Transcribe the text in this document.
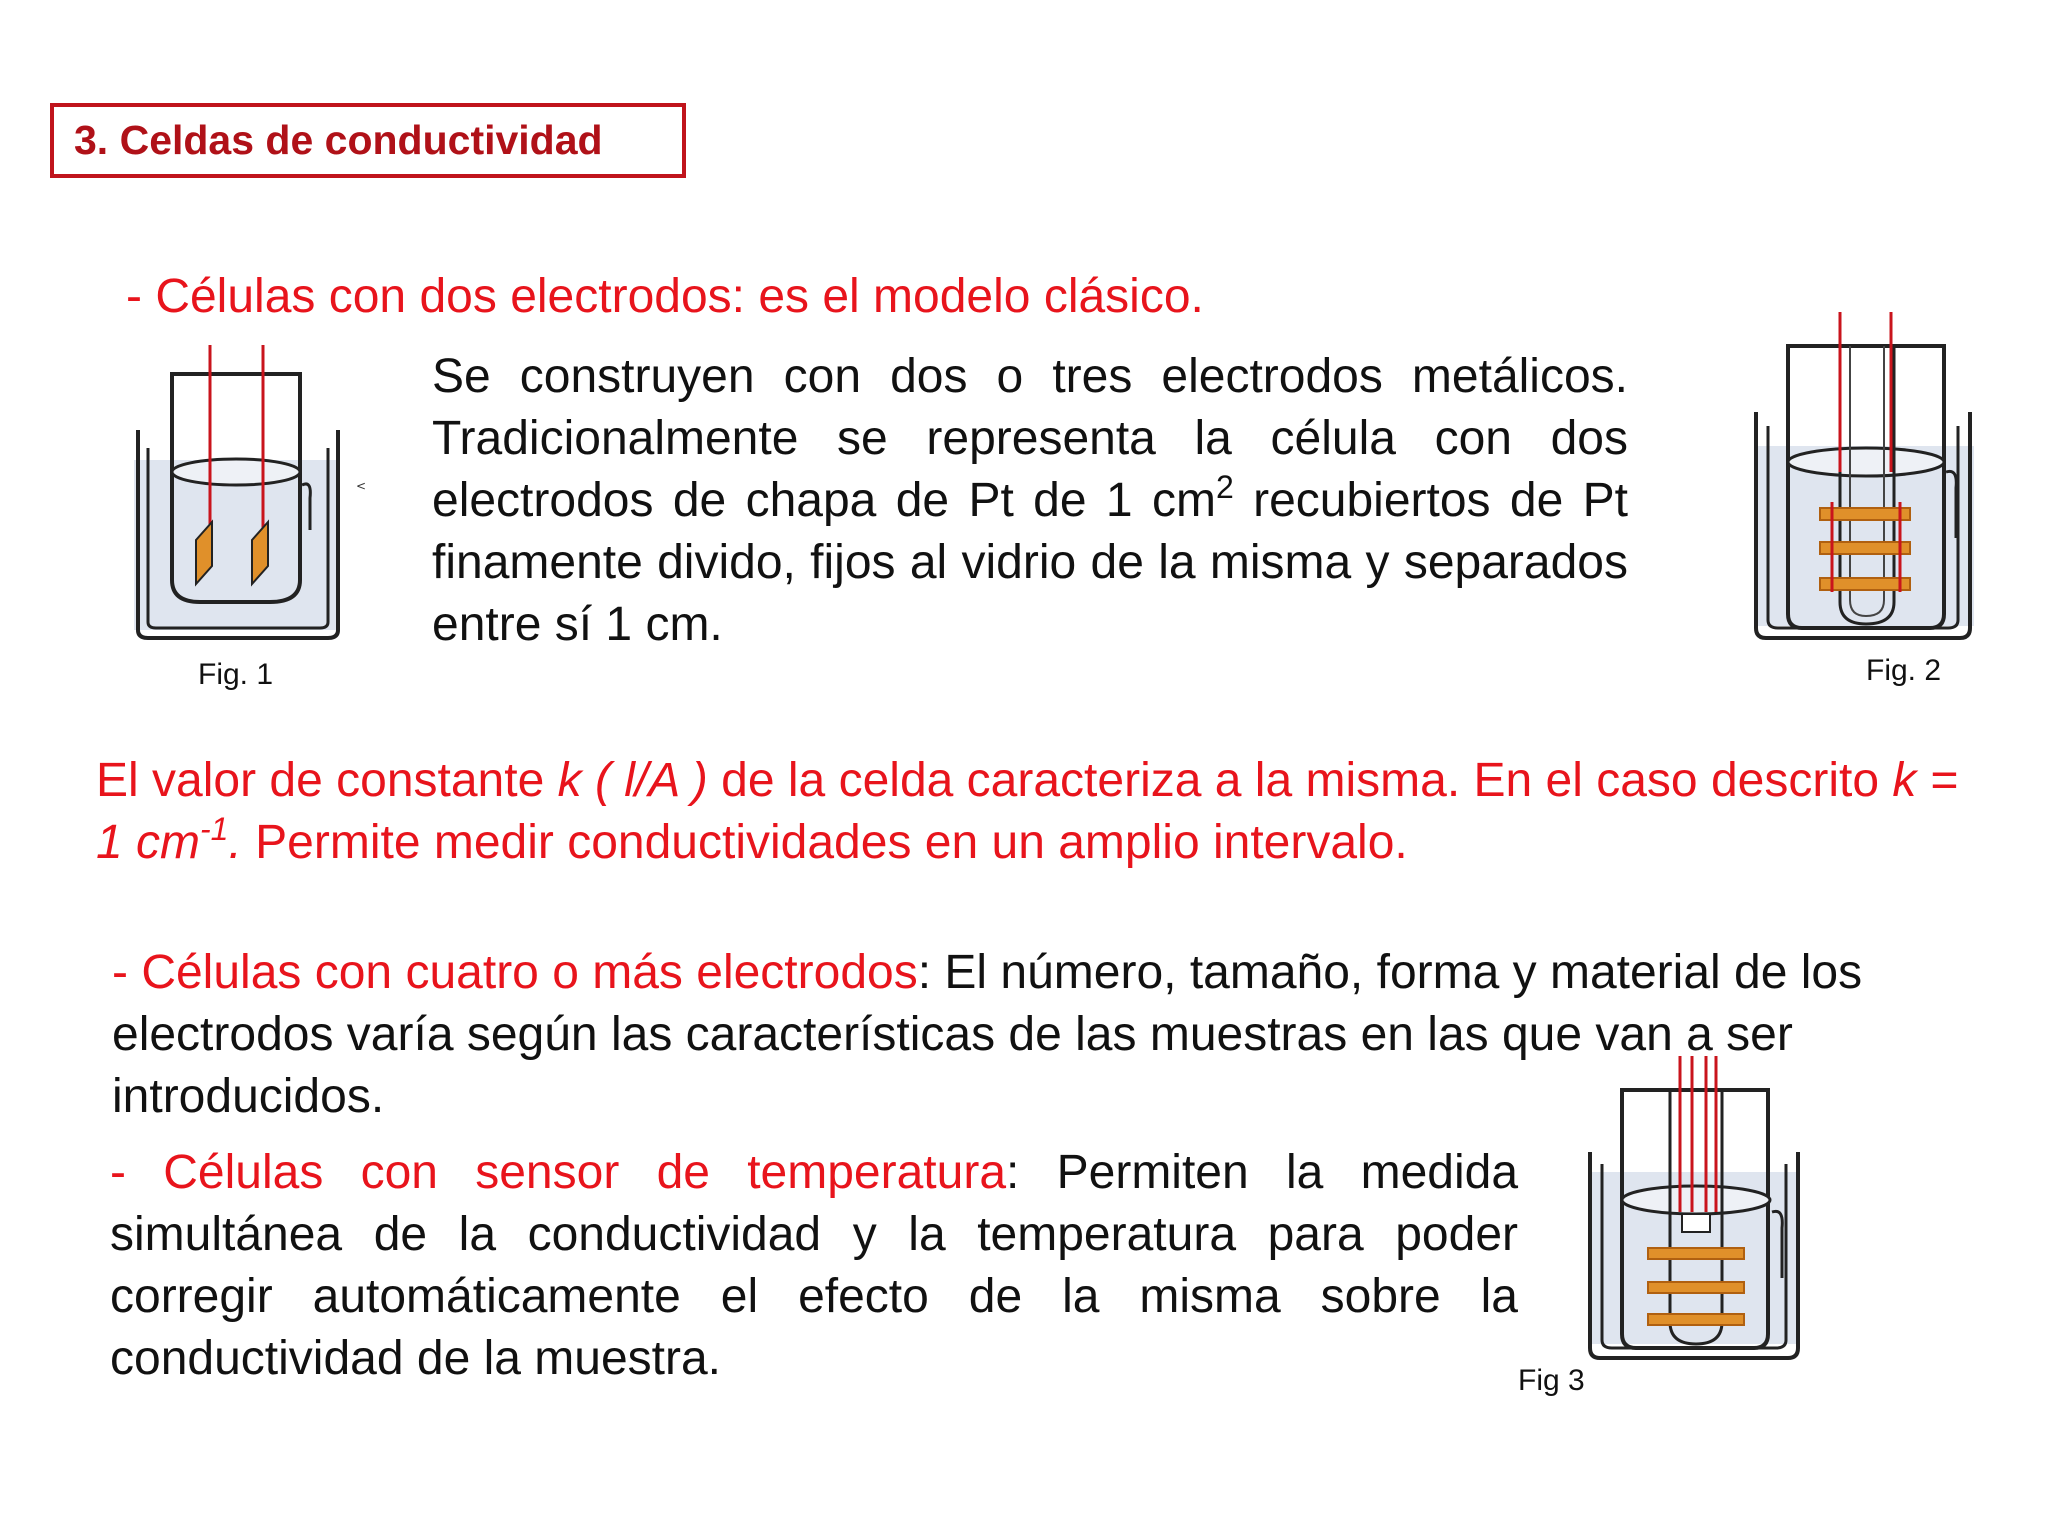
3. Celdas de conductividad
- Células con dos electrodos: es el modelo clásico.
Se construyen con dos o tres electrodos metálicos. Tradicionalmente se representa la célula con dos electrodos de chapa de Pt de 1 $cm^2$ recubiertos de Pt finamente divido, fijos al vidrio de la misma y separados entre sí 1 cm.
<
Fig. 1	Fig. 2
El valor de constante k ( l/A ) de la celda caracteriza a la misma. En el caso descrito k = 1 $cm^{-1}$. Permite medir conductividades en un amplio intervalo.
- Células con cuatro o más electrodos: El número, tamaño, forma y material de los electrodos varía según las características de las muestras en las que van a ser introducidos.
Fig 3
- Células con sensor de temperatura: Permiten la medida simultánea de la conductividad y la temperatura para poder corregir automáticamente el efecto de la misma sobre la conductividad de la muestra.
